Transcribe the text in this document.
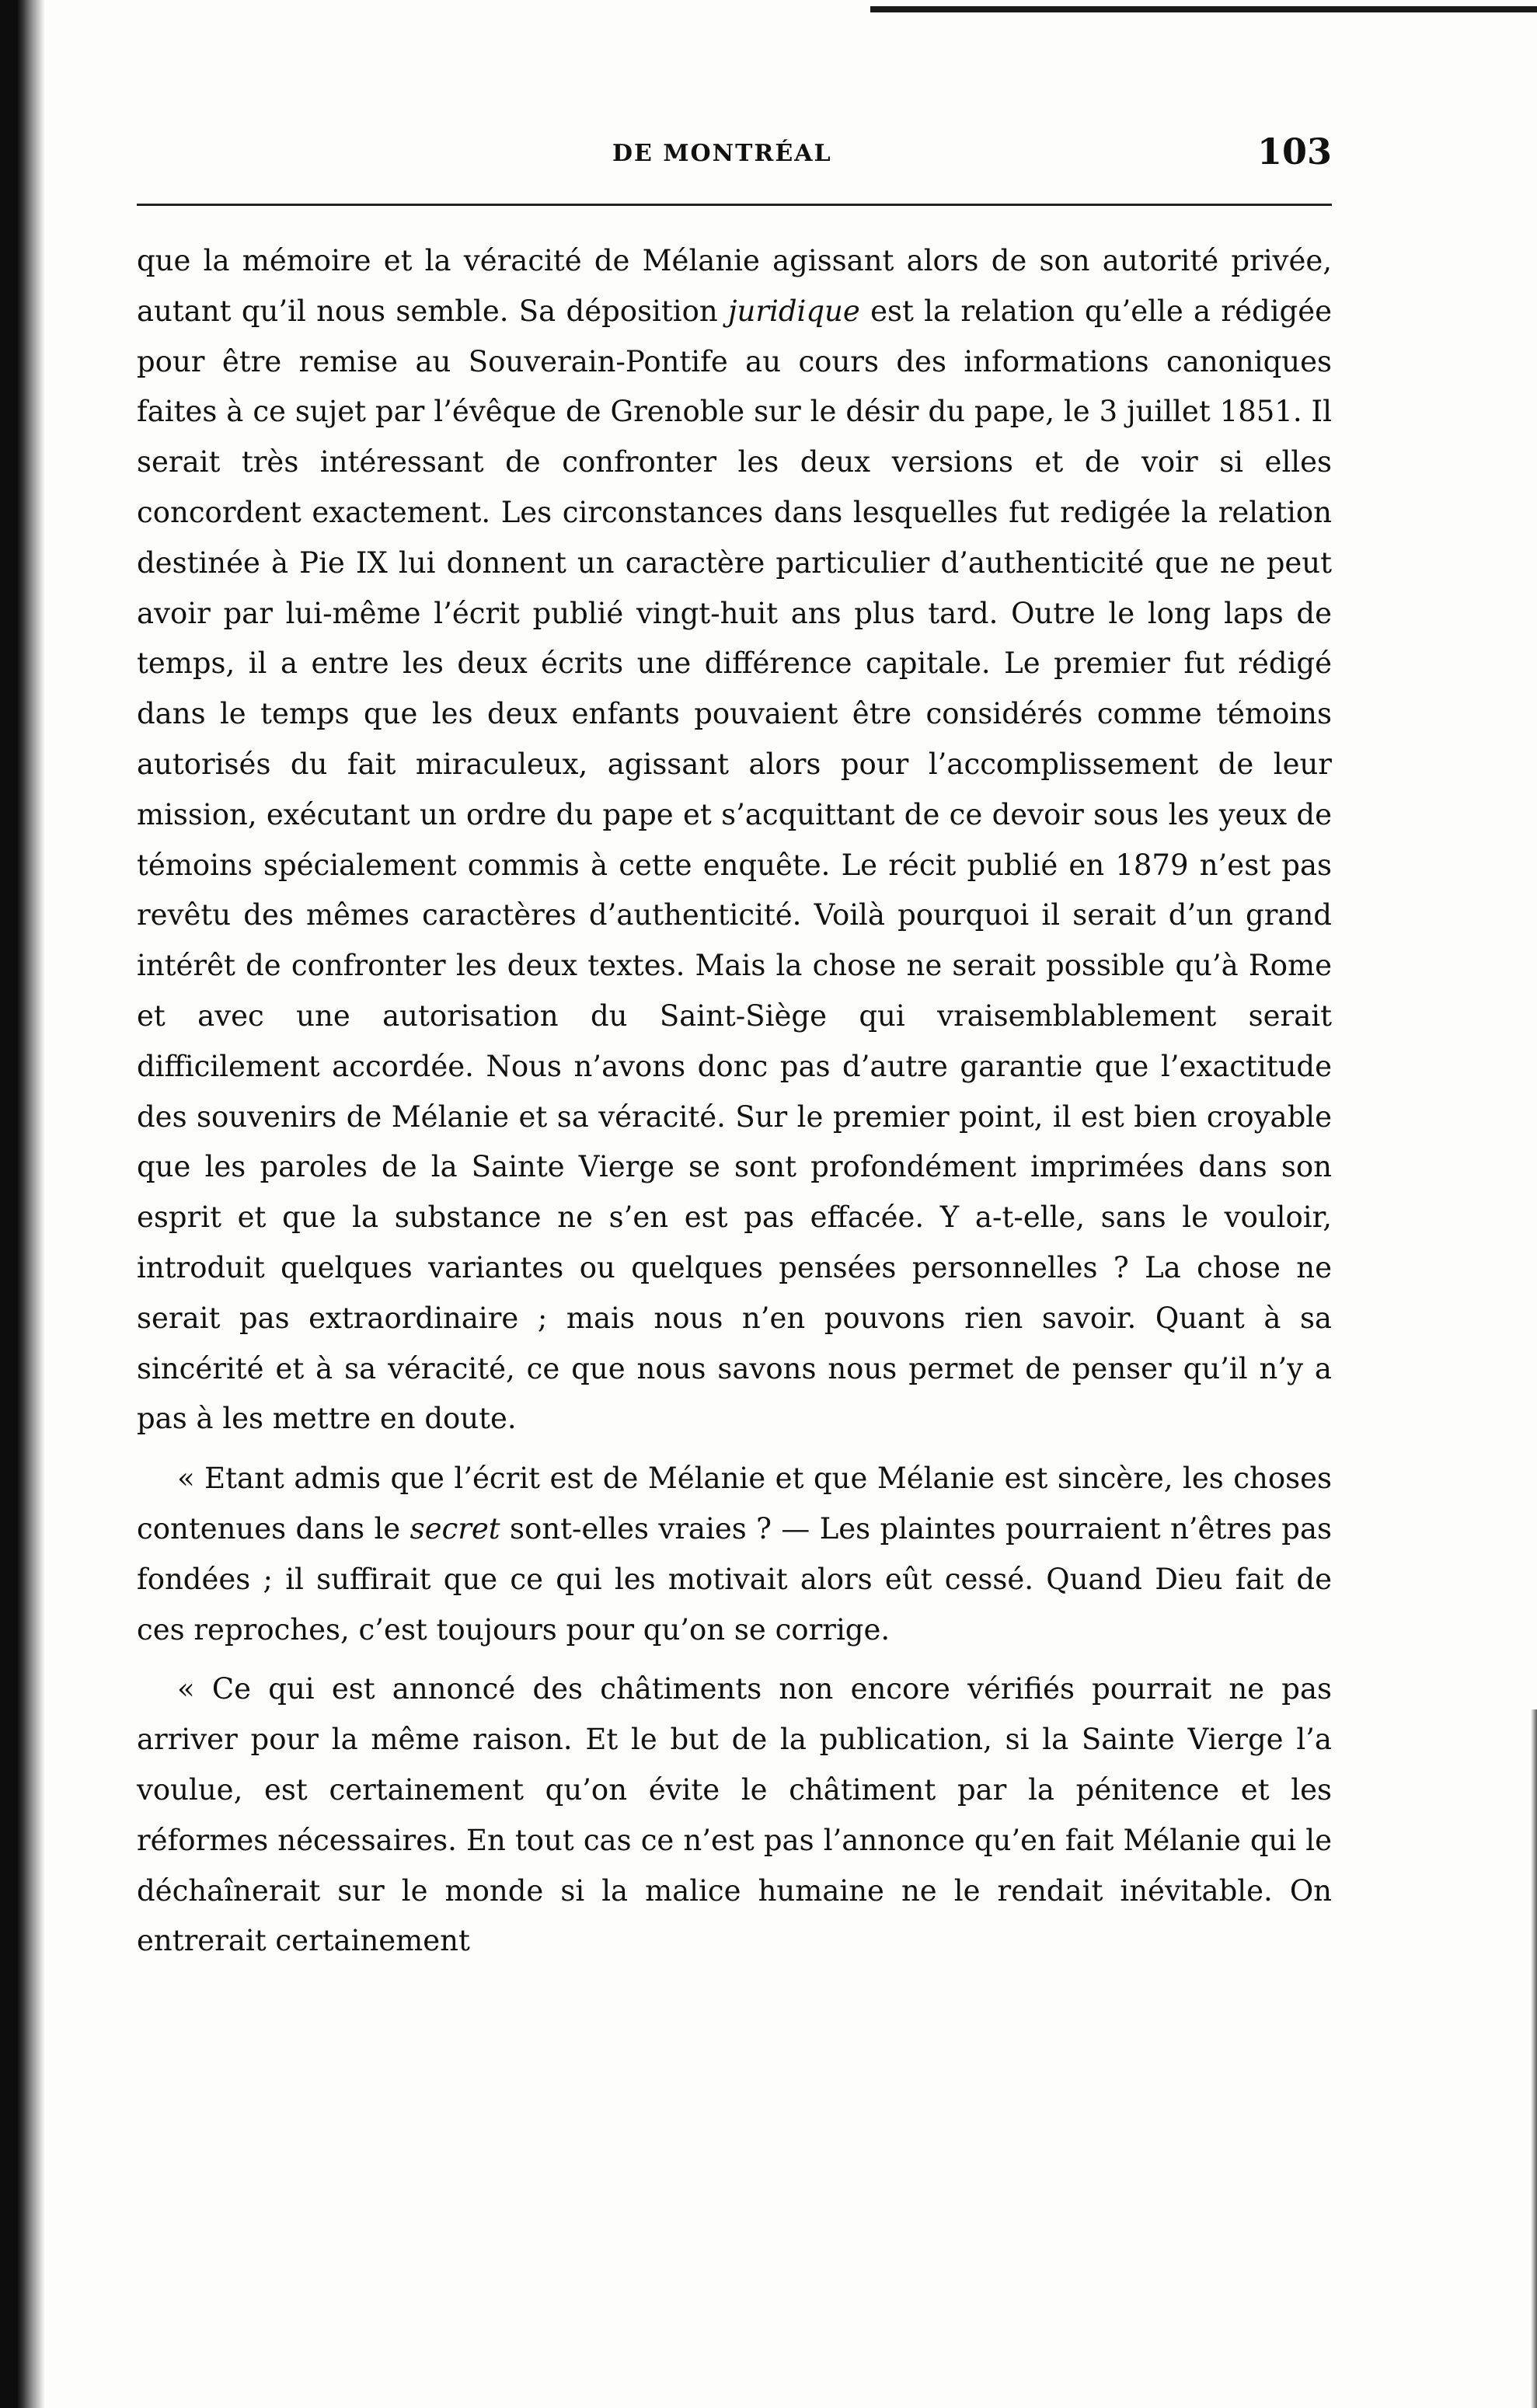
DE MONTRÉAL	103

que la mémoire et la véracité de Mélanie agissant alors de son autorité privée, autant qu’il nous semble. Sa déposition juridique est la relation qu’elle a rédigée pour être remise au Souverain-Pontife au cours des informations canoniques faites à ce sujet par l’évêque de Grenoble sur le désir du pape, le 3 juillet 1851. Il serait très intéressant de confronter les deux versions et de voir si elles concordent exactement. Les circonstances dans lesquelles fut redigée la relation destinée à Pie IX lui donnent un caractère particulier d’authenticité que ne peut avoir par lui-même l’écrit publié vingt-huit ans plus tard. Outre le long laps de temps, il a entre les deux écrits une différence capitale. Le premier fut rédigé dans le temps que les deux enfants pouvaient être considérés comme témoins autorisés du fait miraculeux, agissant alors pour l’accomplissement de leur mission, exécutant un ordre du pape et s’acquittant de ce devoir sous les yeux de témoins spécialement commis à cette enquête. Le récit publié en 1879 n’est pas revêtu des mêmes caractères d’authenticité. Voilà pourquoi il serait d’un grand intérêt de confronter les deux textes. Mais la chose ne serait possible qu’à Rome et avec une autorisation du Saint-Siège qui vraisemblablement serait difficilement accordée. Nous n’avons donc pas d’autre garantie que l’exactitude des souvenirs de Mélanie et sa véracité. Sur le premier point, il est bien croyable que les paroles de la Sainte Vierge se sont profondément imprimées dans son esprit et que la substance ne s’en est pas effacée. Y a-t-elle, sans le vouloir, introduit quelques variantes ou quelques pensées personnelles ? La chose ne serait pas extraordinaire ; mais nous n’en pouvons rien savoir. Quant à sa sincérité et à sa véracité, ce que nous savons nous permet de penser qu’il n’y a pas à les mettre en doute.

« Etant admis que l’écrit est de Mélanie et que Mélanie est sincère, les choses contenues dans le secret sont-elles vraies ? — Les plaintes pourraient n’êtres pas fondées ; il suffirait que ce qui les motivait alors eût cessé. Quand Dieu fait de ces reproches, c’est toujours pour qu’on se corrige.

« Ce qui est annoncé des châtiments non encore vérifiés pourrait ne pas arriver pour la même raison. Et le but de la publication, si la Sainte Vierge l’a voulue, est certainement qu’on évite le châtiment par la pénitence et les réformes nécessaires. En tout cas ce n’est pas l’annonce qu’en fait Mélanie qui le déchaînerait sur le monde si la malice humaine ne le rendait inévitable. On entrerait certainement
